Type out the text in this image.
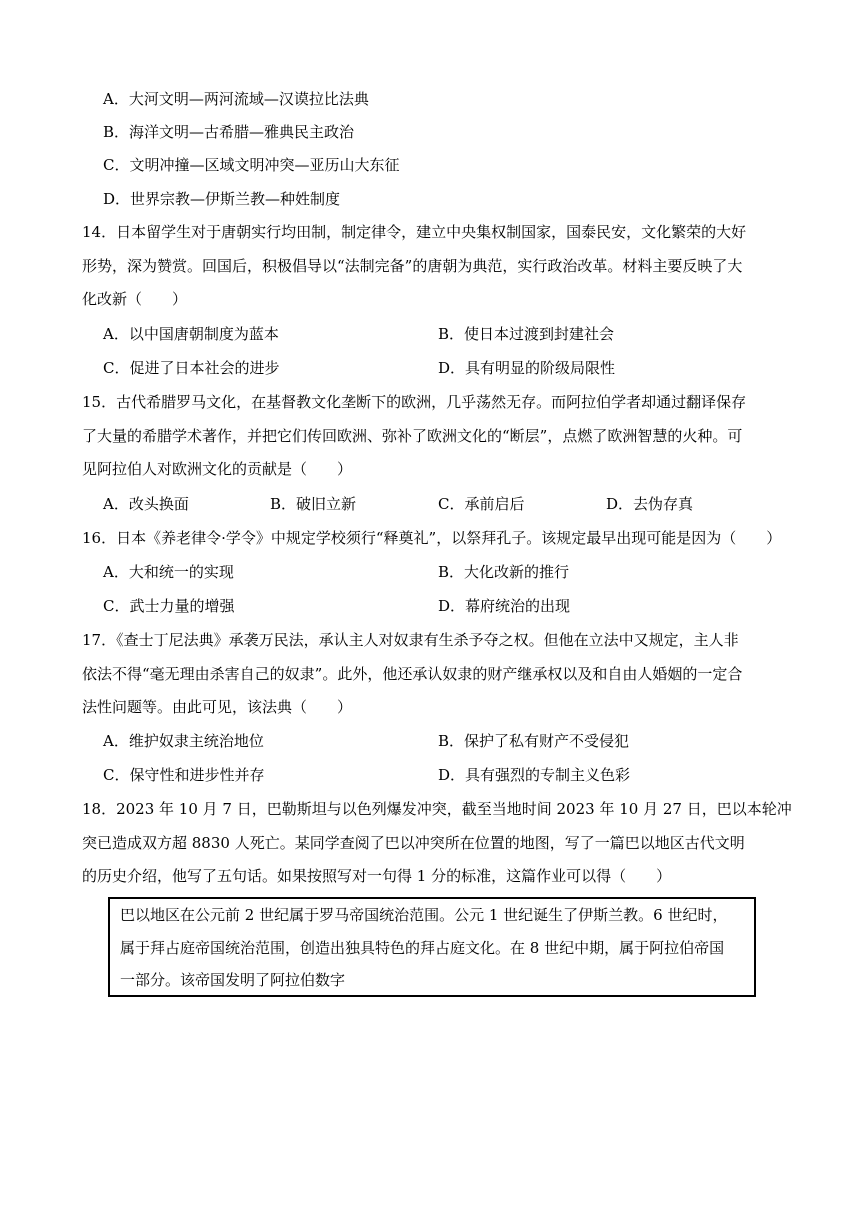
A．大河文明—两河流域—汉谟拉比法典
B．海洋文明—古希腊—雅典民主政治
C．文明冲撞—区域文明冲突—亚历山大东征
D．世界宗教—伊斯兰教—种姓制度
14．日本留学生对于唐朝实行均田制，制定律令，建立中央集权制国家，国泰民安，文化繁荣的大好
形势，深为赞赏。回国后，积极倡导以“法制完备”的唐朝为典范，实行政治改革。材料主要反映了大
化改新（　　）
A．以中国唐朝制度为蓝本	B．使日本过渡到封建社会
C．促进了日本社会的进步	D．具有明显的阶级局限性
15．古代希腊罗马文化，在基督教文化垄断下的欧洲，几乎荡然无存。而阿拉伯学者却通过翻译保存
了大量的希腊学术著作，并把它们传回欧洲、弥补了欧洲文化的“断层”，点燃了欧洲智慧的火种。可
见阿拉伯人对欧洲文化的贡献是（　　）
A．改头换面	B．破旧立新	C．承前启后	D．去伪存真
16．日本《养老律令·学令》中规定学校须行“释奠礼”，以祭拜孔子。该规定最早出现可能是因为（　　）
A．大和统一的实现	B．大化改新的推行
C．武士力量的增强	D．幕府统治的出现
17．《查士丁尼法典》承袭万民法，承认主人对奴隶有生杀予夺之权。但他在立法中又规定，主人非
依法不得“毫无理由杀害自己的奴隶”。此外，他还承认奴隶的财产继承权以及和自由人婚姻的一定合
法性问题等。由此可见，该法典（　　）
A．维护奴隶主统治地位	B．保护了私有财产不受侵犯
C．保守性和进步性并存	D．具有强烈的专制主义色彩
18．2023 年 10 月 7 日，巴勒斯坦与以色列爆发冲突，截至当地时间 2023 年 10 月 27 日，巴以本轮冲
突已造成双方超 8830 人死亡。某同学查阅了巴以冲突所在位置的地图，写了一篇巴以地区古代文明
的历史介绍，他写了五句话。如果按照写对一句得 1 分的标准，这篇作业可以得（　　）
巴以地区在公元前 2 世纪属于罗马帝国统治范围。公元 1 世纪诞生了伊斯兰教。6 世纪时，
属于拜占庭帝国统治范围，创造出独具特色的拜占庭文化。在 8 世纪中期，属于阿拉伯帝国
一部分。该帝国发明了阿拉伯数字
